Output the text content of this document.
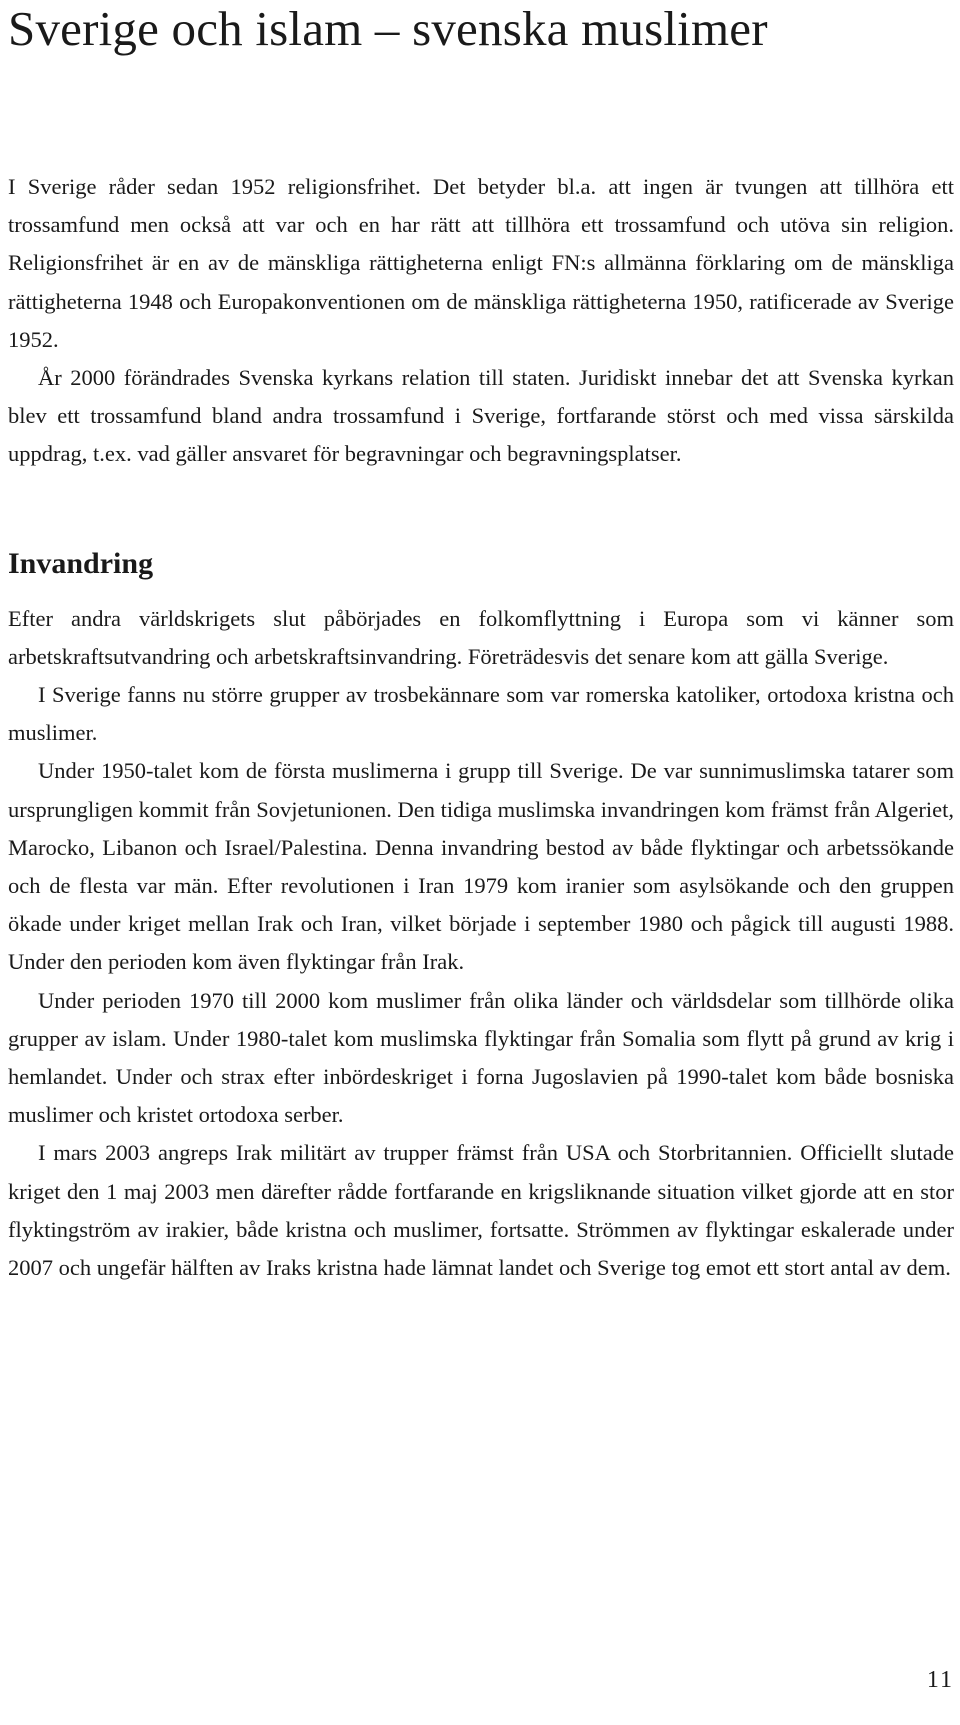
Sverige och islam – svenska muslimer

I Sverige råder sedan 1952 religionsfrihet. Det betyder bl.a. att ingen är tvungen att tillhöra ett trossamfund men också att var och en har rätt att tillhöra ett trossamfund och utöva sin religion. Religionsfrihet är en av de mänskliga rättigheterna enligt FN:s allmänna förklaring om de mänskliga rättigheterna 1948 och Europakonventionen om de mänskliga rättigheterna 1950, ratificerade av Sverige 1952.

År 2000 förändrades Svenska kyrkans relation till staten. Juridiskt innebar det att Svenska kyrkan blev ett trossamfund bland andra trossamfund i Sverige, fortfarande störst och med vissa särskilda uppdrag, t.ex. vad gäller ansvaret för begravningar och begravningsplatser.

Invandring

Efter andra världskrigets slut påbörjades en folkomflyttning i Europa som vi känner som arbetskraftsutvandring och arbetskraftsinvandring. Företrädesvis det senare kom att gälla Sverige.

I Sverige fanns nu större grupper av trosbekännare som var romerska katoliker, ortodoxa kristna och muslimer.

Under 1950-talet kom de första muslimerna i grupp till Sverige. De var sunnimuslimska tatarer som ursprungligen kommit från Sovjetunionen. Den tidiga muslimska invandringen kom främst från Algeriet, Marocko, Libanon och Israel/Palestina. Denna invandring bestod av både flyktingar och arbetssökande och de flesta var män. Efter revolutionen i Iran 1979 kom iranier som asylsökande och den gruppen ökade under kriget mellan Irak och Iran, vilket började i september 1980 och pågick till augusti 1988. Under den perioden kom även flyktingar från Irak.

Under perioden 1970 till 2000 kom muslimer från olika länder och världsdelar som tillhörde olika grupper av islam. Under 1980-talet kom muslimska flyktingar från Somalia som flytt på grund av krig i hemlandet. Under och strax efter inbördeskriget i forna Jugoslavien på 1990-talet kom både bosniska muslimer och kristet ortodoxa serber.

I mars 2003 angreps Irak militärt av trupper främst från USA och Storbritannien. Officiellt slutade kriget den 1 maj 2003 men därefter rådde fortfarande en krigsliknande situation vilket gjorde att en stor flyktingström av irakier, både kristna och muslimer, fortsatte. Strömmen av flyktingar eskalerade under 2007 och ungefär hälften av Iraks kristna hade lämnat landet och Sverige tog emot ett stort antal av dem.

11
